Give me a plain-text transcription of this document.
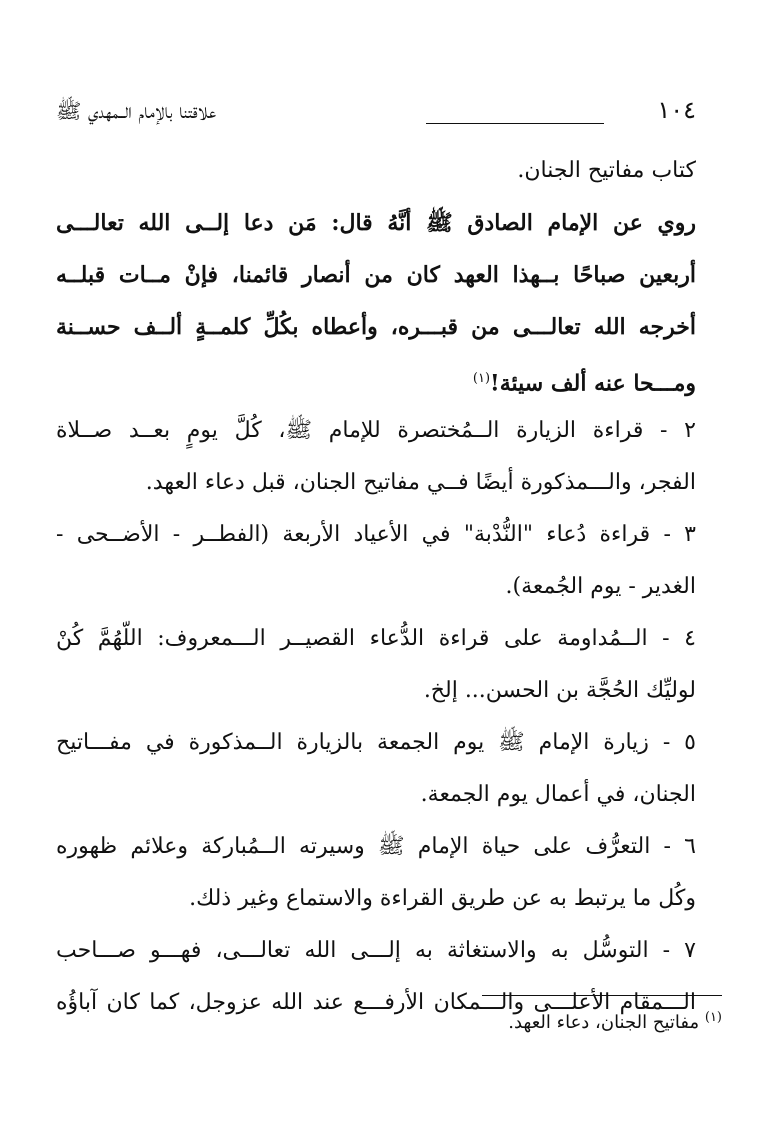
١٠٤
علاقتنا بالإمام الــمهدي ﷺ
كتاب مفاتيح الجنان.
روي عن الإمام الصادق ﷺ أنَّهُ قال: مَن دعا إلــى الله تعالـــى
أربعين صباحًا بــهذا العهد كان من أنصار قائمنا، فإنْ مــات قبلــه
أخرجه الله تعالـــى من قبـــره، وأعطاه بكُلِّ كلمــةٍ ألــف حســنة
ومـــحا عنه ألف سيئة!$^{(١)}$
٢ - قراءة الزيارة الــمُختصرة للإمام ﷺ، كُلَّ يومٍ بعــد صــلاة
الفجر، والـــمذكورة أيضًا فــي مفاتيح الجنان، قبل دعاء العهد.
٣ - قراءة دُعاء "النُّدْبة" في الأعياد الأربعة (الفطــر - الأضــحى -
الغدير - يوم الجُمعة).
٤ - الــمُداومة على قراءة الدُّعاء القصيــر الـــمعروف: اللّهُمَّ كُنْ
لوليِّك الحُجَّة بن الحسن... إلخ.
٥ - زيارة الإمام ﷺ يوم الجمعة بالزيارة الــمذكورة في مفـــاتيح
الجنان، في أعمال يوم الجمعة.
٦ - التعرُّف على حياة الإمام ﷺ وسيرته الــمُباركة وعلائم ظهوره
وكُل ما يرتبط به عن طريق القراءة والاستماع وغير ذلك.
٧ - التوسُّل به والاستغاثة به إلـــى الله تعالـــى، فهـــو صـــاحب
الـــمقام الأعلـــى والـــمكان الأرفـــع عند الله عزوجل، كما كان آباؤُه
$^{(١)}$ مفاتيح الجنان، دعاء العهد.
